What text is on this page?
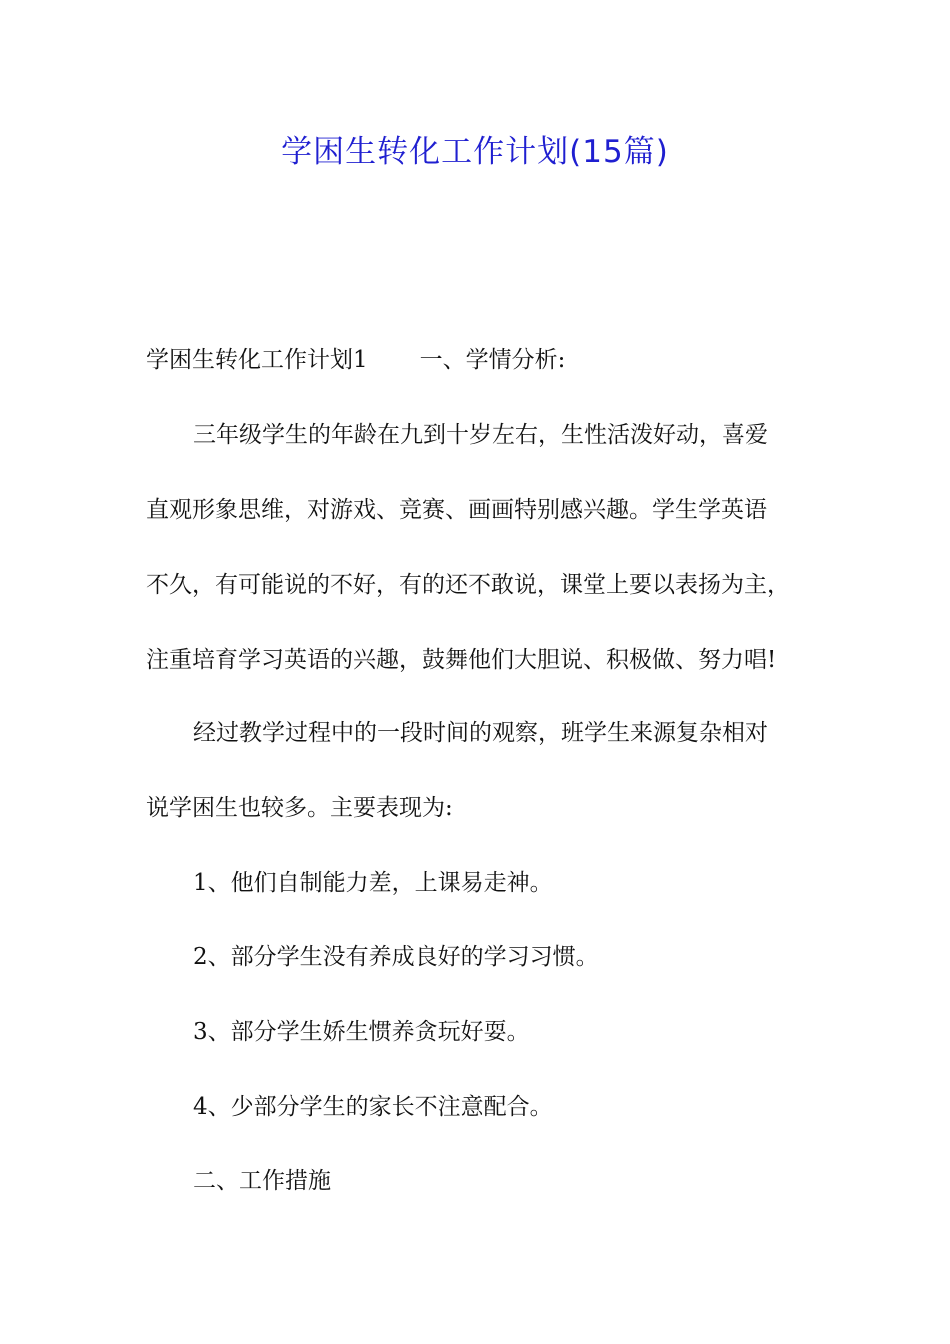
学困生转化工作计划(15篇)
学困生转化工作计划1 一、学情分析:
三年级学生的年龄在九到十岁左右，生性活泼好动，喜爱
直观形象思维，对游戏、竞赛、画画特别感兴趣。学生学英语
不久，有可能说的不好，有的还不敢说，课堂上要以表扬为主，
注重培育学习英语的兴趣，鼓舞他们大胆说、积极做、努力唱!
经过教学过程中的一段时间的观察，班学生来源复杂相对
说学困生也较多。主要表现为:
1、他们自制能力差，上课易走神。
2、部分学生没有养成良好的学习习惯。
3、部分学生娇生惯养贪玩好耍。
4、少部分学生的家长不注意配合。
二、工作措施
